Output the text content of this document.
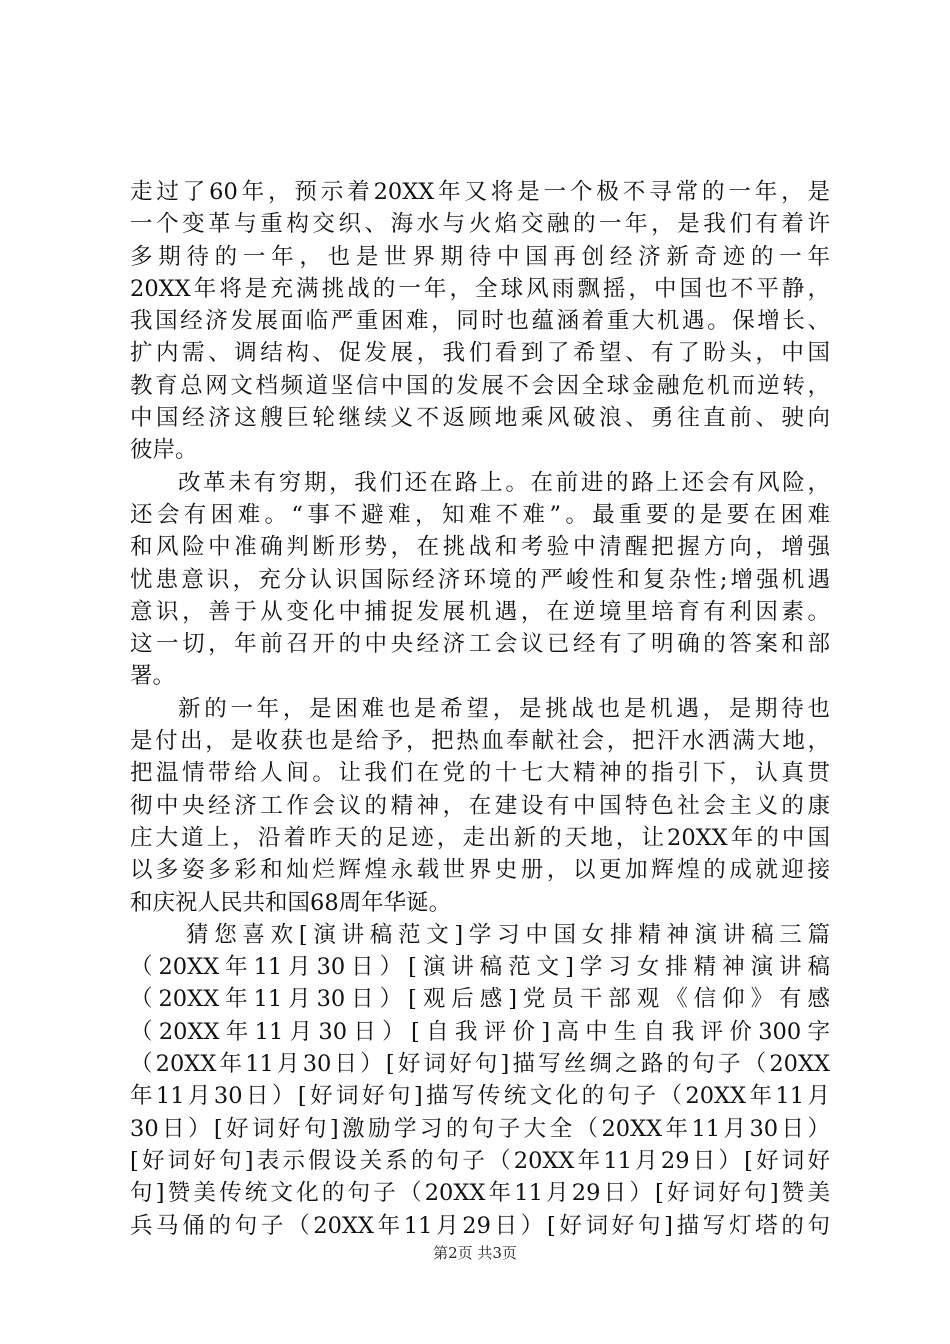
走过了60年，预示着20XX年又将是一个极不寻常的一年，是
一个变革与重构交织、海水与火焰交融的一年，是我们有着许
多期待的一年，也是世界期待中国再创经济新奇迹的一年
20XX年将是充满挑战的一年，全球风雨飘摇，中国也不平静，
我国经济发展面临严重困难，同时也蕴涵着重大机遇。保增长、
扩内需、调结构、促发展，我们看到了希望、有了盼头，中国
教育总网文档频道坚信中国的发展不会因全球金融危机而逆转，
中国经济这艘巨轮继续义不返顾地乘风破浪、勇往直前、驶向
彼岸。
改革未有穷期，我们还在路上。在前进的路上还会有风险，
还会有困难。“事不避难，知难不难”。最重要的是要在困难
和风险中准确判断形势，在挑战和考验中清醒把握方向，增强
忧患意识，充分认识国际经济环境的严峻性和复杂性;增强机遇
意识，善于从变化中捕捉发展机遇，在逆境里培育有利因素。
这一切，年前召开的中央经济工会议已经有了明确的答案和部
署。
新的一年，是困难也是希望，是挑战也是机遇，是期待也
是付出，是收获也是给予，把热血奉献社会，把汗水洒满大地，
把温情带给人间。让我们在党的十七大精神的指引下，认真贯
彻中央经济工作会议的精神，在建设有中国特色社会主义的康
庄大道上，沿着昨天的足迹，走出新的天地，让20XX年的中国
以多姿多彩和灿烂辉煌永载世界史册，以更加辉煌的成就迎接
和庆祝人民共和国68周年华诞。
猜您喜欢[演讲稿范文]学习中国女排精神演讲稿三篇
（20XX年11月30日）[演讲稿范文]学习女排精神演讲稿
（20XX年11月30日）[观后感]党员干部观《信仰》有感
（20XX年11月30日）[自我评价]高中生自我评价300字
（20XX年11月30日）[好词好句]描写丝绸之路的句子（20XX
年11月30日）[好词好句]描写传统文化的句子（20XX年11月
30日）[好词好句]激励学习的句子大全（20XX年11月30日）
[好词好句]表示假设关系的句子（20XX年11月29日）[好词好
句]赞美传统文化的句子（20XX年11月29日）[好词好句]赞美
兵马俑的句子（20XX年11月29日）[好词好句]描写灯塔的句
第2页 共3页
